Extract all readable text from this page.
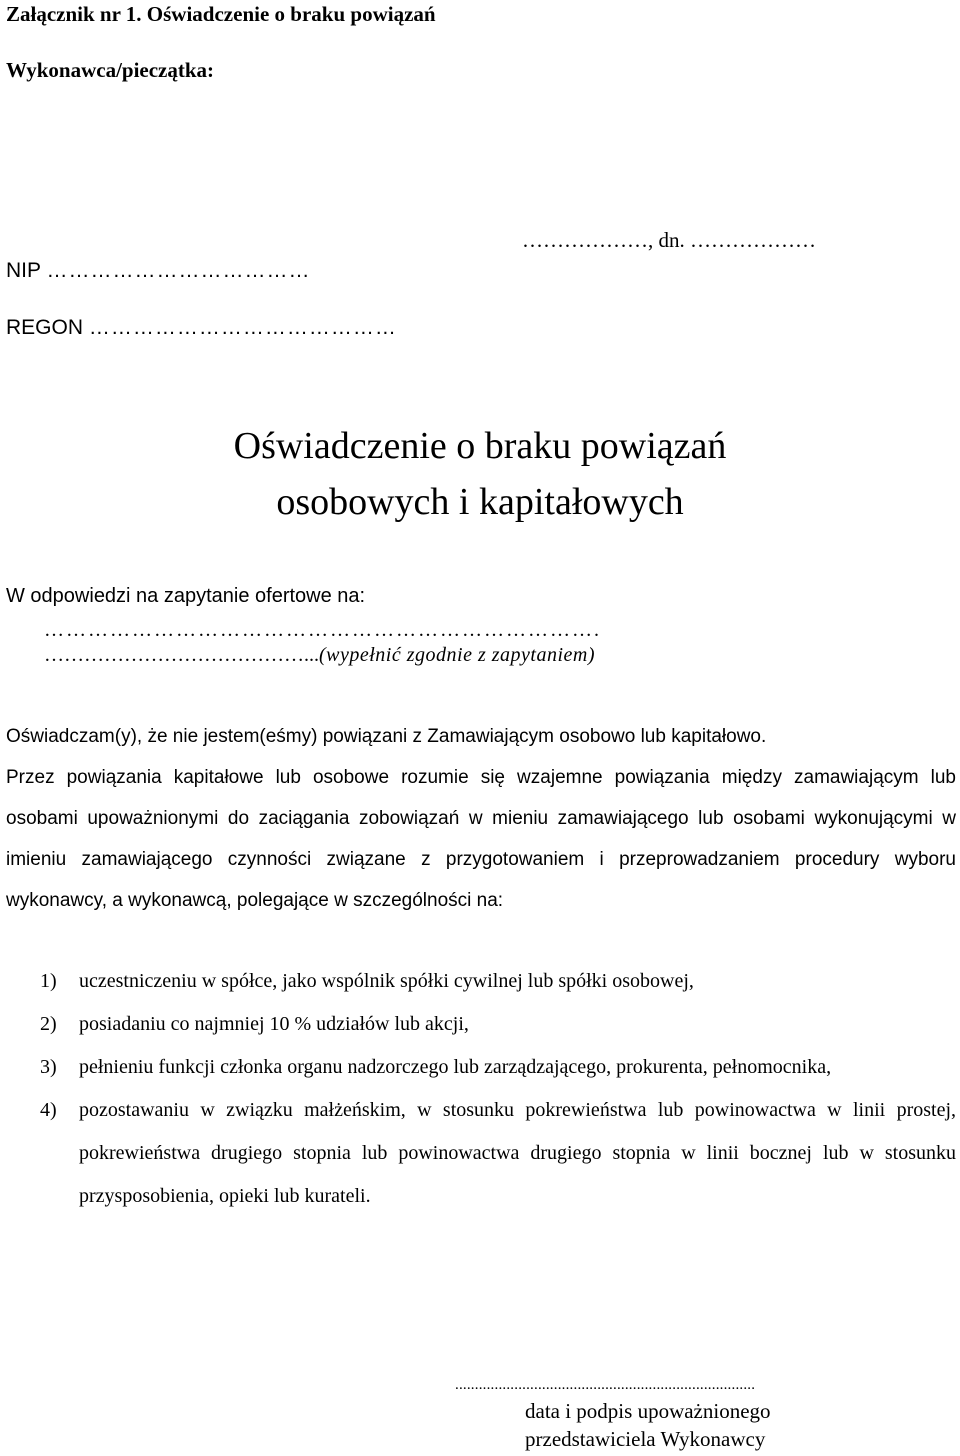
Załącznik nr 1. Oświadczenie o braku powiązań
Wykonawca/pieczątka:
………………, dn. ………………
NIP ………………………………
REGON ……………………………………
Oświadczenie o braku powiązań
osobowych i kapitałowych
W odpowiedzi na zapytanie ofertowe na:
………………………………………………………………….
…………………………………...(wypełnić zgodnie z zapytaniem)
Oświadczam(y), że nie jestem(eśmy) powiązani z Zamawiającym osobowo lub kapitałowo.
Przez powiązania kapitałowe lub osobowe rozumie się wzajemne powiązania między zamawiającym lub osobami upoważnionymi do zaciągania zobowiązań w mieniu zamawiającego lub osobami wykonującymi w imieniu zamawiającego czynności związane z przygotowaniem i przeprowadzaniem procedury wyboru wykonawcy, a wykonawcą, polegające w szczególności na:
1) uczestniczeniu w spółce, jako wspólnik spółki cywilnej lub spółki osobowej,
2) posiadaniu co najmniej 10 % udziałów lub akcji,
3) pełnieniu funkcji członka organu nadzorczego lub zarządzającego, prokurenta, pełnomocnika,
4) pozostawaniu w związku małżeńskim, w stosunku pokrewieństwa lub powinowactwa w linii prostej, pokrewieństwa drugiego stopnia lub powinowactwa drugiego stopnia w linii bocznej lub w stosunku przysposobienia, opieki lub kurateli.
............................................................................
data i podpis upoważnionego
przedstawiciela Wykonawcy
